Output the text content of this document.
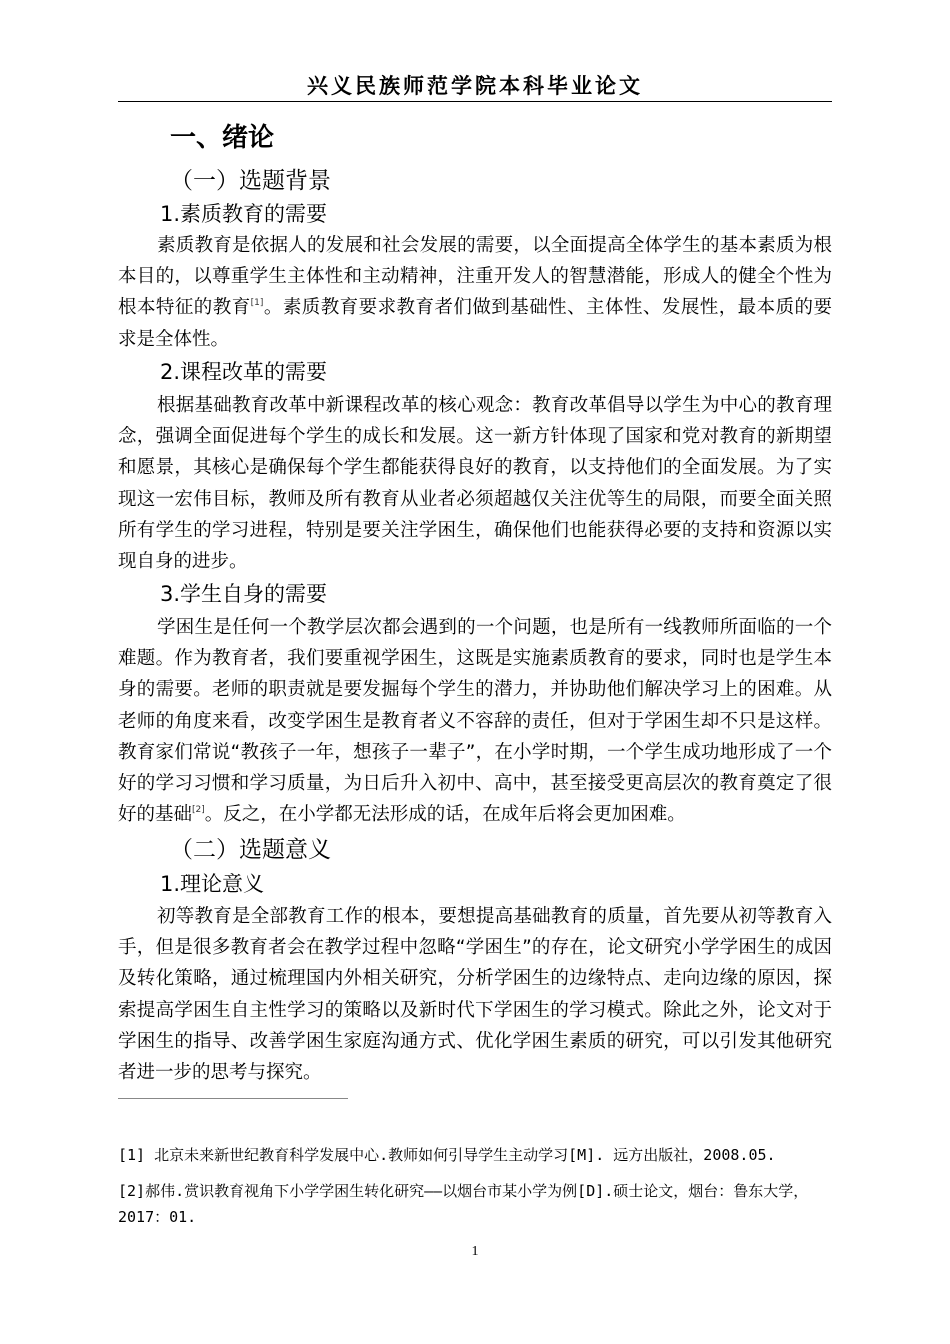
兴义民族师范学院本科毕业论文
一、绪论
（一）选题背景
1.素质教育的需要
素质教育是依据人的发展和社会发展的需要，以全面提高全体学生的基本素质为根本目的，以尊重学生主体性和主动精神，注重开发人的智慧潜能，形成人的健全个性为根本特征的教育[1]。素质教育要求教育者们做到基础性、主体性、发展性，最本质的要求是全体性。
2.课程改革的需要
根据基础教育改革中新课程改革的核心观念：教育改革倡导以学生为中心的教育理念，强调全面促进每个学生的成长和发展。这一新方针体现了国家和党对教育的新期望和愿景，其核心是确保每个学生都能获得良好的教育，以支持他们的全面发展。为了实现这一宏伟目标，教师及所有教育从业者必须超越仅关注优等生的局限，而要全面关照所有学生的学习进程，特别是要关注学困生，确保他们也能获得必要的支持和资源以实现自身的进步。
3.学生自身的需要
学困生是任何一个教学层次都会遇到的一个问题，也是所有一线教师所面临的一个难题。作为教育者，我们要重视学困生，这既是实施素质教育的要求，同时也是学生本身的需要。老师的职责就是要发掘每个学生的潜力，并协助他们解决学习上的困难。从老师的角度来看，改变学困生是教育者义不容辞的责任，但对于学困生却不只是这样。教育家们常说“教孩子一年，想孩子一辈子”，在小学时期，一个学生成功地形成了一个好的学习习惯和学习质量，为日后升入初中、高中，甚至接受更高层次的教育奠定了很好的基础[2]。反之，在小学都无法形成的话，在成年后将会更加困难。
（二）选题意义
1.理论意义
初等教育是全部教育工作的根本，要想提高基础教育的质量，首先要从初等教育入手，但是很多教育者会在教学过程中忽略“学困生”的存在，论文研究小学学困生的成因及转化策略，通过梳理国内外相关研究，分析学困生的边缘特点、走向边缘的原因，探索提高学困生自主性学习的策略以及新时代下学困生的学习模式。除此之外，论文对于学困生的指导、改善学困生家庭沟通方式、优化学困生素质的研究，可以引发其他研究者进一步的思考与探究。
[1] 北京未来新世纪教育科学发展中心.教师如何引导学生主动学习[M]. 远方出版社，2008.05.
[2]郝伟.赏识教育视角下小学学困生转化研究——以烟台市某小学为例[D].硕士论文，烟台：鲁东大学，2017：01.
1
